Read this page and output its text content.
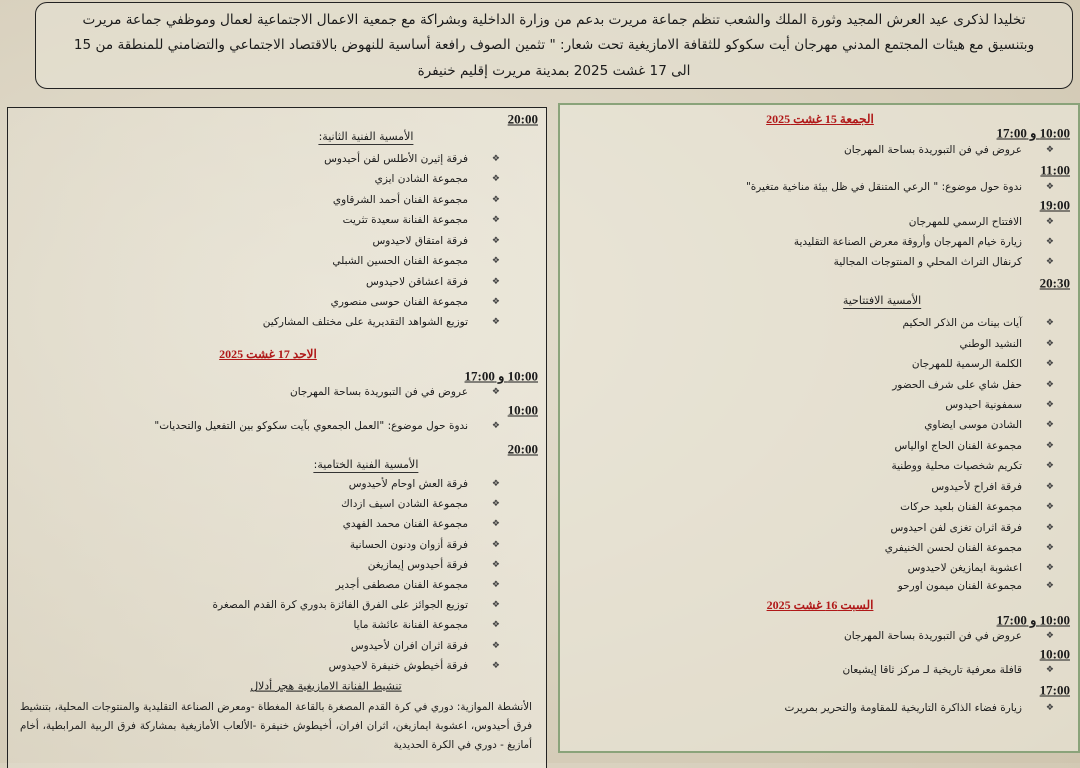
تخليدا لذكرى عيد العرش المجيد وثورة الملك والشعب تنظم جماعة مريرت بدعم من وزارة الداخلية وبشراكة مع جمعية الاعمال الاجتماعية لعمال وموظفي جماعة مريرت
وبتنسيق مع هيئات المجتمع المدني مهرجان أيت سكوكو للثقافة الامازيغية تحت شعار: " تثمين الصوف رافعة أساسية للنهوض بالاقتصاد الاجتماعي والتضامني للمنطقة من 15
الى 17 غشت 2025 بمدينة مريرت إقليم خنيفرة
الجمعة 15 غشت 2025
10:00 و 17:00
❖
عروض في فن التبوريدة بساحة المهرجان
11:00
❖
ندوة حول موضوع: " الرعي المتنقل في ظل بيئة مناخية متغيرة"
19:00
❖
الافتتاح الرسمي للمهرجان
❖
زيارة خيام المهرجان وأروقة معرض الصناعة التقليدية
❖
كرنفال التراث المحلي و المنتوجات المجالية
20:30
الأمسية الافتتاحية
❖
آيات بينات من الذكر الحكيم
❖
النشيد الوطني
❖
الكلمة الرسمية للمهرجان
❖
حفل شاي على شرف الحضور
❖
سمفونية احيدوس
❖
الشادن موسى ايضاوي
❖
مجموعة الفنان الحاج اوالياس
❖
تكريم شخصيات محلية ووطنية
❖
فرقة افراح لأحيدوس
❖
مجموعة الفنان بلعيد حركات
❖
فرقة اثران تغزى لفن احيدوس
❖
مجموعة الفنان لحسن الخنيفري
❖
اعشوبة ايمازيغن لاحيدوس
❖
مجموعة الفنان ميمون اورحو
السبت 16 غشت 2025
10:00 و 17:00
❖
عروض في فن التبوريدة بساحة المهرجان
10:00
❖
قافلة معرفية تاريخية لـ مركز ثاقا إيشيعان
17:00
❖
زيارة فضاء الذاكرة التاريخية للمقاومة والتحرير بمريرت
الأنشطة الموازية: دوري في كرة القدم المصغرة بالقاعة المغطاة -ومعرض الصناعة التقليدية والمنتوجات المحلية، بتنشيط فرق أحيدوس، اعشوبة ايمازيغن، اثران افران، أخيطوش خنيفرة -الألعاب الأمازيغية بمشاركة فرق الربية المرابطية، أخام أمازيغ - دوري في الكرة الحديدية
20:00
الأمسية الفنية الثانية:
❖
فرقة إثيرن الأطلس لفن أحيدوس
❖
مجموعة الشادن ايزي
❖
مجموعة الفنان أحمد الشرقاوي
❖
مجموعة الفنانة سعيدة تثريت
❖
فرقة امتقاق لاحيدوس
❖
مجموعة الفنان الحسين الشبلي
❖
فرقة اعشاقن لاحيدوس
❖
مجموعة الفنان حوسى منصوري
❖
توزيع الشواهد التقديرية على مختلف المشاركين
الاحد 17 غشت 2025
10:00 و 17:00
❖
عروض في فن التبوريدة بساحة المهرجان
10:00
❖
ندوة حول موضوع: "العمل الجمعوي بآيت سكوكو بين التفعيل والتحديات"
20:00
الأمسية الفنية الختامية:
❖
فرقة العش اوحام لأحيدوس
❖
مجموعة الشادن اسيف ازداك
❖
مجموعة الفنان محمد الفهدي
❖
فرقة أزوان ودنون الحسانية
❖
فرقة أحيدوس إيمازيغن
❖
مجموعة الفنان مصطفى أجدير
❖
توزيع الجوائز على الفرق الفائزة بدوري كرة القدم المصغرة
❖
مجموعة الفنانة عائشة مايا
❖
فرقة اثران افران لأحيدوس
❖
فرقة أخيطوش خنيفرة لاحيدوس
تنشيط الفنانة الامازيغية هجر أدلال
